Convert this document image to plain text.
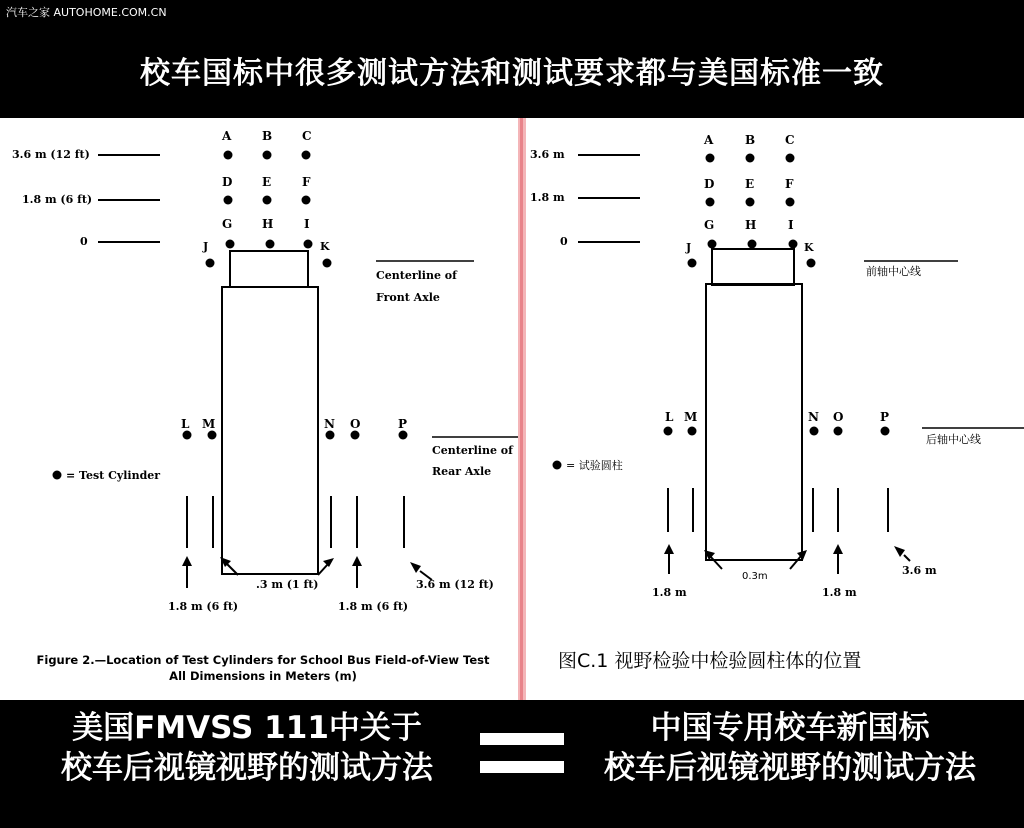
汽车之家 AUTOHOME.COM.CN
校车国标中很多测试方法和测试要求都与美国标准一致
3.6 m (12 ft)
1.8 m (6 ft)
0
A	B C
D E	F
G H	I
J	K
Centerline of
Front Axle
L M	N O	P
Centerline of
Rear Axle
= Test Cylinder
.3 m (1 ft)	3.6 m (12 ft)
1.8 m (6 ft)	1.8 m (6 ft)
Figure 2.—Location of Test Cylinders for School Bus Field-of-View Test
All Dimensions in Meters (m)
3.6 m
1.8 m
0
A	B C
D	E	F
G	H	I
J	K
前轴中心线
L M	N O	P
后轴中心线
= 试验圆柱
0.3m	3.6 m
1.8 m	1.8 m
图C.1 视野检验中检验圆柱体的位置
美国FMVSS 111中关于
校车后视镜视野的测试方法
中国专用校车新国标
校车后视镜视野的测试方法
